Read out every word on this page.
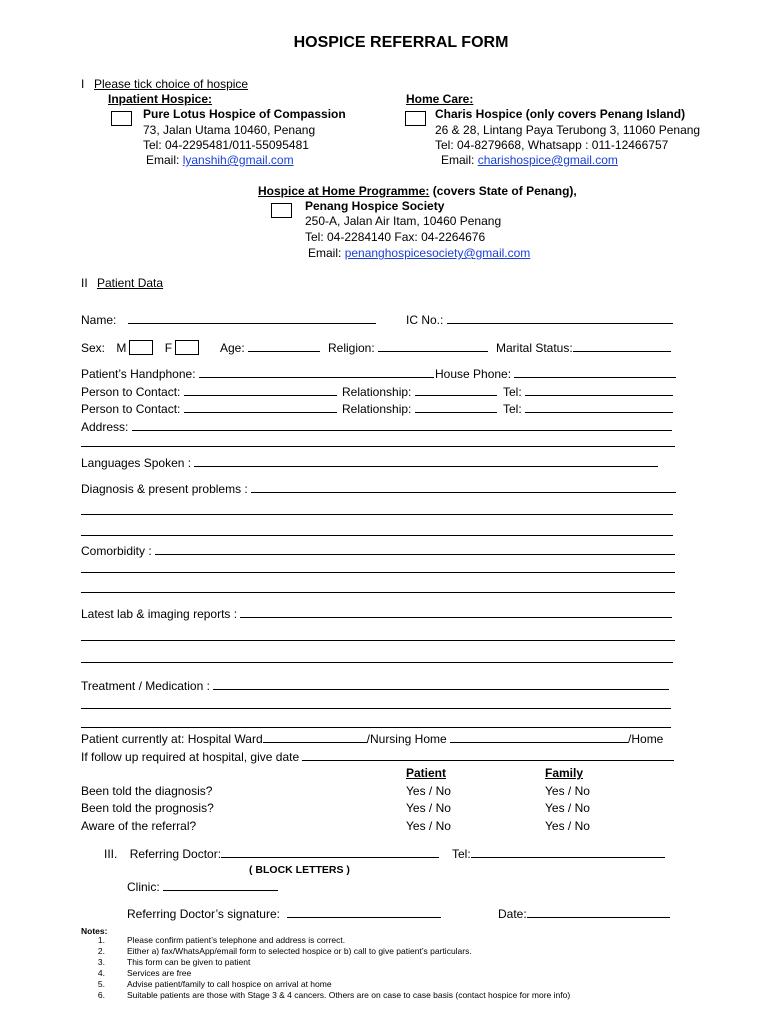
HOSPICE REFERRAL FORM
I Please tick choice of hospice
Inpatient Hospice:
Pure Lotus Hospice of Compassion
73, Jalan Utama 10460, Penang
Tel: 04-2295481/011-55095481
Email: lyanshih@gmail.com
Home Care:
Charis Hospice (only covers Penang Island)
26 & 28, Lintang Paya Terubong 3, 11060 Penang
Tel: 04-8279668, Whatsapp : 011-12466757
Email: charishospice@gmail.com
Hospice at Home Programme: (covers State of Penang),
Penang Hospice Society
250-A, Jalan Air Itam, 10460 Penang
Tel: 04-2284140 Fax: 04-2264676
Email: penanghospicesociety@gmail.com
II Patient Data
Name:	IC No.:
Sex: M	F	Age:	Religion:	Marital Status:
Patient’s Handphone:	House Phone:
Person to Contact:	Relationship:	Tel:
Person to Contact:	Relationship:	Tel:
Address:
Languages Spoken :
Diagnosis & present problems :
Comorbidity :
Latest lab & imaging reports :
Treatment / Medication :
Patient currently at: Hospital Ward	/Nursing Home	/Home
If follow up required at hospital, give date
Patient	Family
Been told the diagnosis?	Yes / No	Yes / No
Been told the prognosis?	Yes / No	Yes / No
Aware of the referral?	Yes / No	Yes / No
III. Referring Doctor:	Tel:
( BLOCK LETTERS )
Clinic:
Referring Doctor’s signature:	Date:
Notes:
1.	Please confirm patient’s telephone and address is correct.
2.	Either a) fax/WhatsApp/email form to selected hospice or b) call to give patient’s particulars.
3.	This form can be given to patient
4.	Services are free
5.	Advise patient/family to call hospice on arrival at home
6.	Suitable patients are those with Stage 3 & 4 cancers. Others are on case to case basis (contact hospice for more info)
